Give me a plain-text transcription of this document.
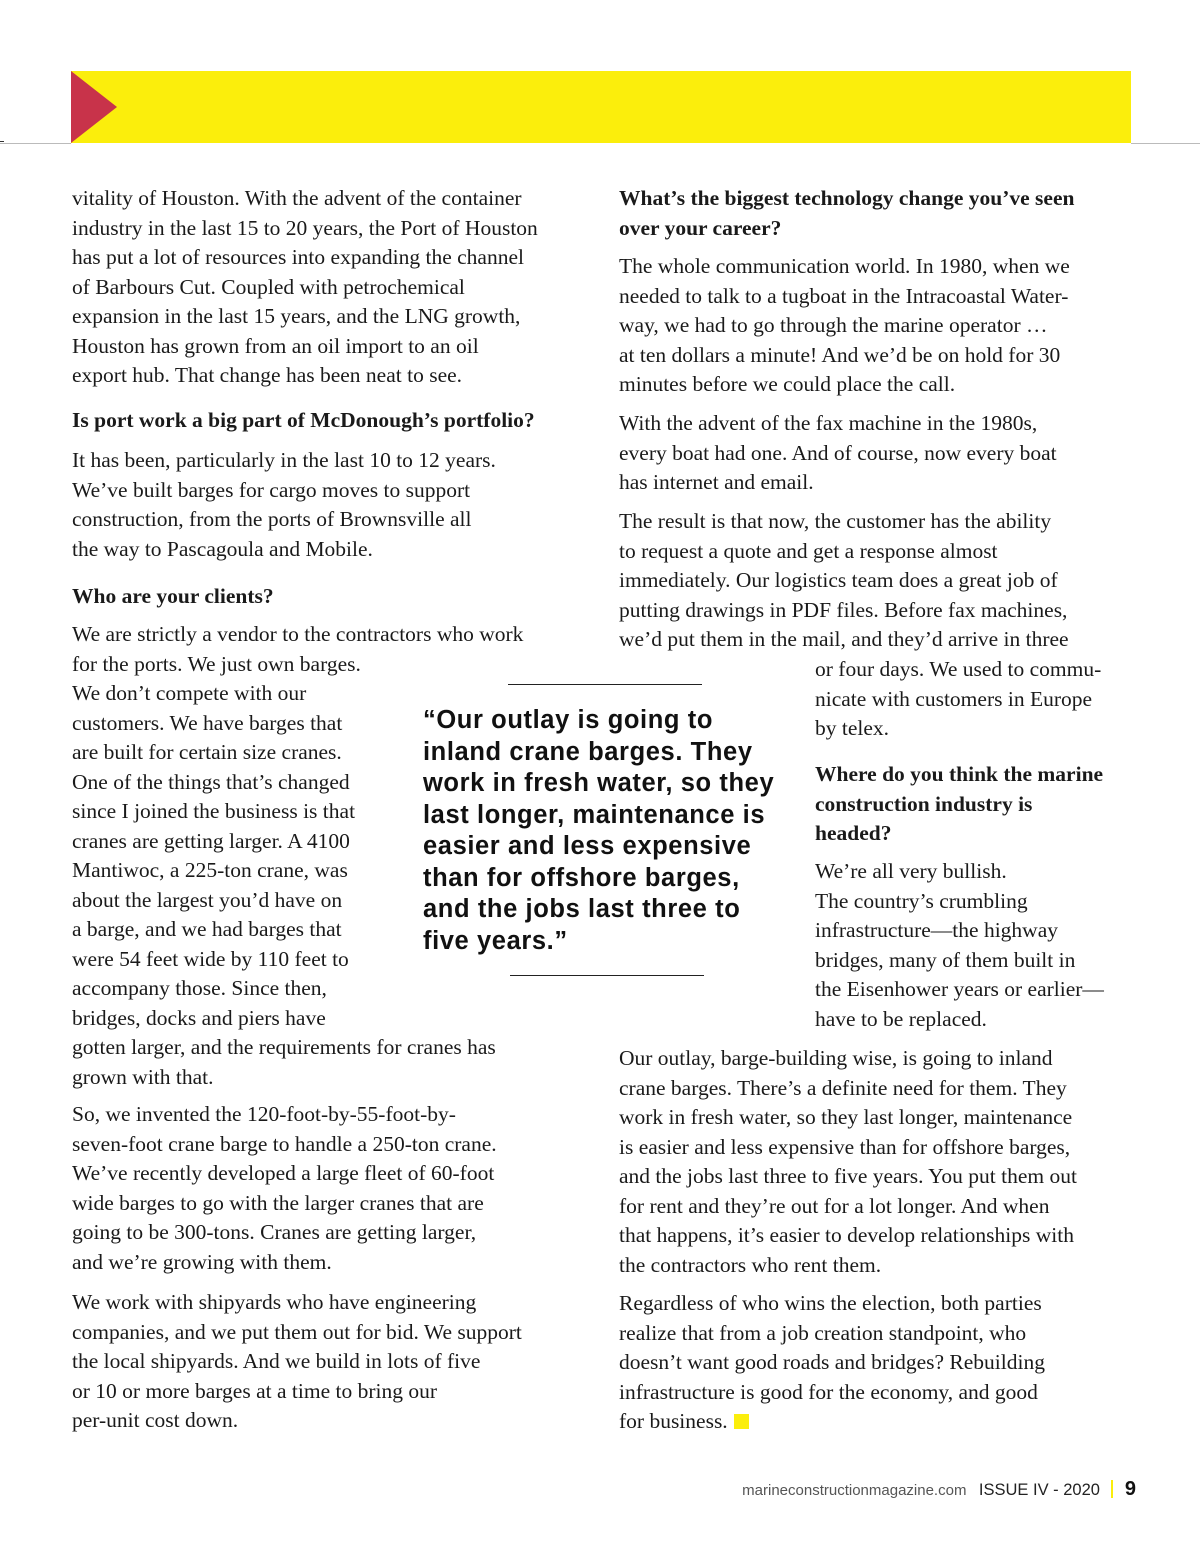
vitality of Houston. With the advent of the container
industry in the last 15 to 20 years, the Port of Houston
has put a lot of resources into expanding the channel
of Barbours Cut. Coupled with petrochemical
expansion in the last 15 years, and the LNG growth,
Houston has grown from an oil import to an oil
export hub. That change has been neat to see.

Is port work a big part of McDonough’s portfolio?

It has been, particularly in the last 10 to 12 years.
We’ve built barges for cargo moves to support
construction, from the ports of Brownsville all
the way to Pascagoula and Mobile.

Who are your clients?

We are strictly a vendor to the contractors who work
for the ports. We just own barges.
We don’t compete with our
customers. We have barges that
are built for certain size cranes.
One of the things that’s changed
since I joined the business is that
cranes are getting larger. A 4100
Mantiwoc, a 225-ton crane, was
about the largest you’d have on
a barge, and we had barges that
were 54 feet wide by 110 feet to
accompany those. Since then,
bridges, docks and piers have
gotten larger, and the requirements for cranes has
grown with that.

So, we invented the 120-foot-by-55-foot-by-
seven-foot crane barge to handle a 250-ton crane.
We’ve recently developed a large fleet of 60-foot
wide barges to go with the larger cranes that are
going to be 300-tons. Cranes are getting larger,
and we’re growing with them.

We work with shipyards who have engineering
companies, and we put them out for bid. We support
the local shipyards. And we build in lots of five
or 10 or more barges at a time to bring our
per-unit cost down.

“Our outlay is going to
inland crane barges. They
work in fresh water, so they
last longer, maintenance is
easier and less expensive
than for offshore barges,
and the jobs last three to
five years.”

What’s the biggest technology change you’ve seen
over your career?

The whole communication world. In 1980, when we
needed to talk to a tugboat in the Intracoastal Water-
way, we had to go through the marine operator …
at ten dollars a minute! And we’d be on hold for 30
minutes before we could place the call.

With the advent of the fax machine in the 1980s,
every boat had one. And of course, now every boat
has internet and email.

The result is that now, the customer has the ability
to request a quote and get a response almost
immediately. Our logistics team does a great job of
putting drawings in PDF files. Before fax machines,
we’d put them in the mail, and they’d arrive in three

or four days. We used to commu-
nicate with customers in Europe
by telex.

Where do you think the marine
construction industry is
headed?

We’re all very bullish.
The country’s crumbling
infrastructure—the highway
bridges, many of them built in
the Eisenhower years or earlier—
have to be replaced.

Our outlay, barge-building wise, is going to inland
crane barges. There’s a definite need for them. They
work in fresh water, so they last longer, maintenance
is easier and less expensive than for offshore barges,
and the jobs last three to five years. You put them out
for rent and they’re out for a lot longer. And when
that happens, it’s easier to develop relationships with
the contractors who rent them.

Regardless of who wins the election, both parties
realize that from a job creation standpoint, who
doesn’t want good roads and bridges? Rebuilding
infrastructure is good for the economy, and good
for business.

marineconstructionmagazine.com ISSUE IV - 2020 9
